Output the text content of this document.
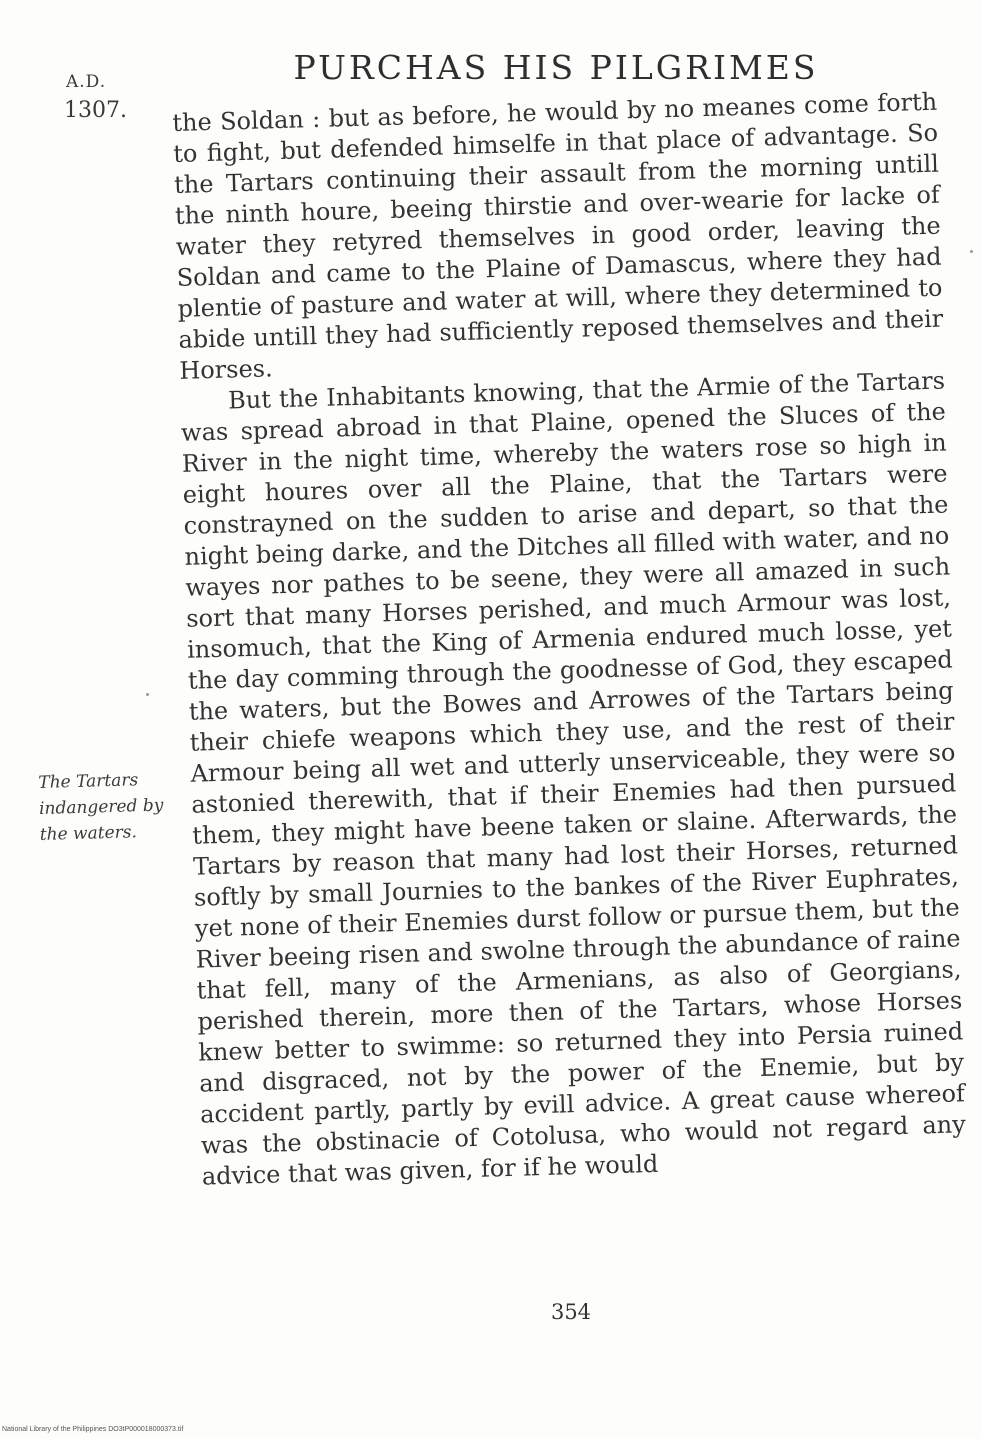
A.D.
1307.
PURCHAS HIS PILGRIMES

the Soldan : but as before, he would by no meanes come forth to fight, but defended himselfe in that place of advantage. So the Tartars continuing their assault from the morning untill the ninth houre, beeing thirstie and over-wearie for lacke of water they retyred themselves in good order, leaving the Soldan and came to the Plaine of Damascus, where they had plentie of pasture and water at will, where they determined to abide untill they had sufficiently reposed themselves and their Horses.

But the Inhabitants knowing, that the Armie of the Tartars was spread abroad in that Plaine, opened the Sluces of the River in the night time, whereby the waters rose so high in eight houres over all the Plaine, that the Tartars were constrayned on the sudden to arise and depart, so that the night being darke, and the Ditches all filled with water, and no wayes nor pathes to be seene, they were all amazed in such sort that many Horses perished, and much Armour was lost, insomuch, that the King of Armenia endured much losse, yet the day comming through the goodnesse of God, they escaped the waters, but the Bowes and Arrowes of the Tartars being their chiefe weapons which they use, and the rest of their Armour being all wet and utterly unserviceable, they were so astonied therewith, that if their Enemies had then pursued them, they might have beene taken or slaine. Afterwards, the Tartars by reason that many had lost their Horses, returned softly by small Journies to the bankes of the River Euphrates, yet none of their Enemies durst follow or pursue them, but the River beeing risen and swolne through the abundance of raine that fell, many of the Armenians, as also of Georgians, perished therein, more then of the Tartars, whose Horses knew better to swimme: so returned they into Persia ruined and disgraced, not by the power of the Enemie, but by accident partly, partly by evill advice. A great cause whereof was the obstinacie of Cotolusa, who would not regard any advice that was given, for if he would

The Tartars
indangered by
the waters.
354
National Library of the Philippines DO3tP000018000373.tif
